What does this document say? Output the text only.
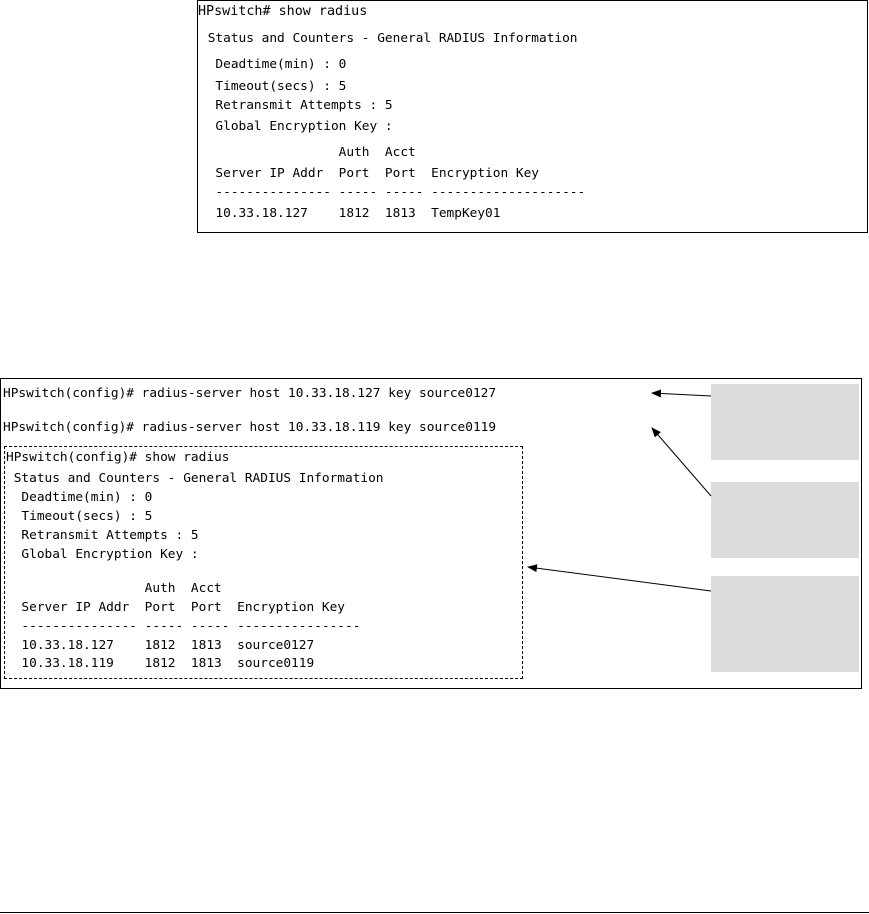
HPswitch# show radius
Status and Counters - General RADIUS Information
Deadtime(min) : 0
Timeout(secs) : 5
Retransmit Attempts : 5
Global Encryption Key :
Auth  Acct
Server IP Addr  Port  Port  Encryption Key
--------------- ----- ----- --------------------
10.33.18.127    1812  1813  TempKey01
HPswitch(config)# radius-server host 10.33.18.127 key source0127
HPswitch(config)# radius-server host 10.33.18.119 key source0119
HPswitch(config)# show radius
Status and Counters - General RADIUS Information
Deadtime(min) : 0
Timeout(secs) : 5
Retransmit Attempts : 5
Global Encryption Key :
Auth  Acct
Server IP Addr  Port  Port  Encryption Key
--------------- ----- ----- ----------------
10.33.18.127    1812  1813  source0127
10.33.18.119    1812  1813  source0119
